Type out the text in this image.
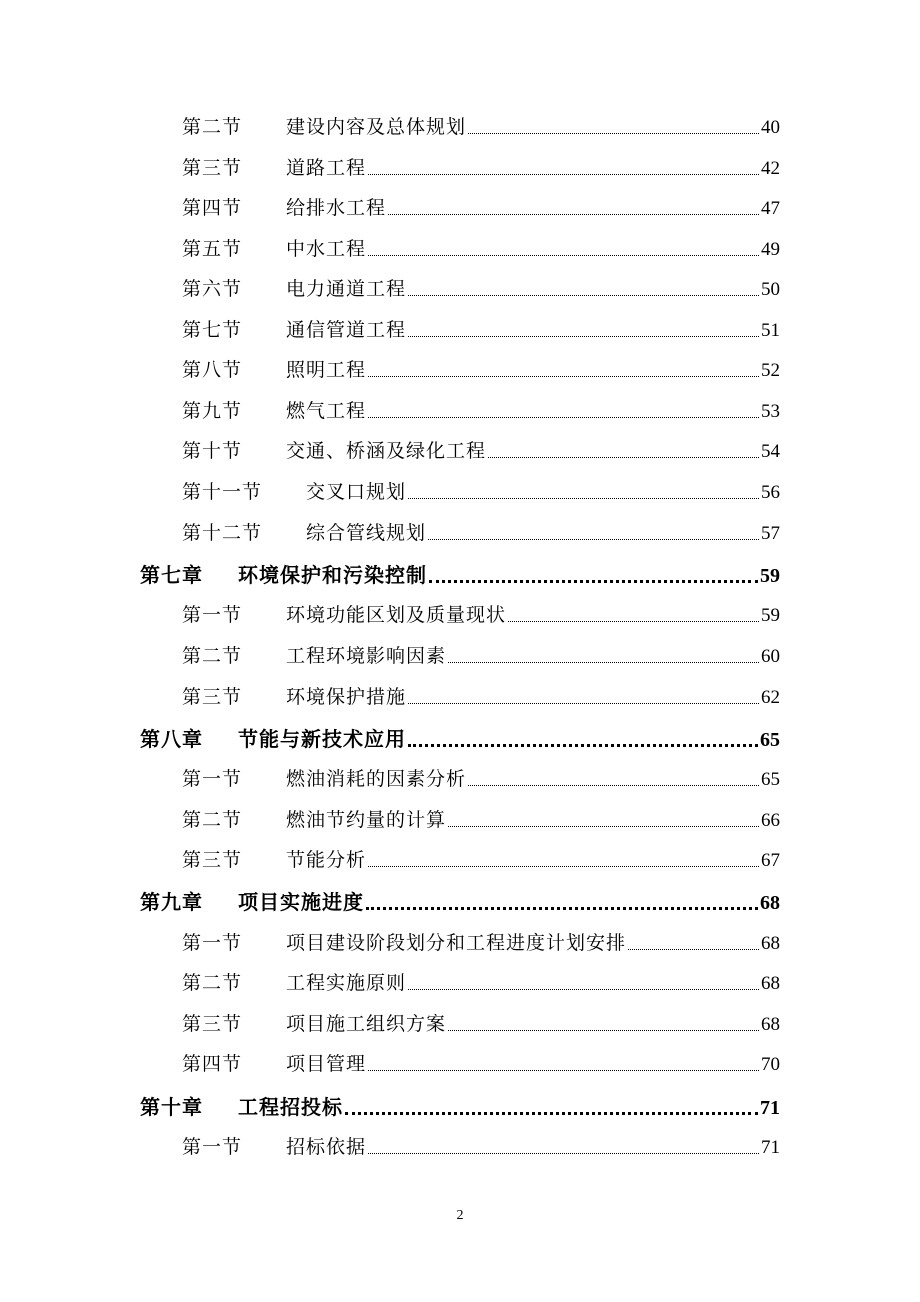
第二节	建设内容及总体规划	40
第三节	道路工程	42
第四节	给排水工程	47
第五节	中水工程	49
第六节	电力通道工程	50
第七节	通信管道工程	51
第八节	照明工程	52
第九节	燃气工程	53
第十节	交通、桥涵及绿化工程	54
第十一节	交叉口规划	56
第十二节	综合管线规划	57
第七章	环境保护和污染控制	59
第一节	环境功能区划及质量现状	59
第二节	工程环境影响因素	60
第三节	环境保护措施	62
第八章	节能与新技术应用	65
第一节	燃油消耗的因素分析	65
第二节	燃油节约量的计算	66
第三节	节能分析	67
第九章	项目实施进度	68
第一节	项目建设阶段划分和工程进度计划安排	68
第二节	工程实施原则	68
第三节	项目施工组织方案	68
第四节	项目管理	70
第十章	工程招投标	71
第一节	招标依据	71
2
